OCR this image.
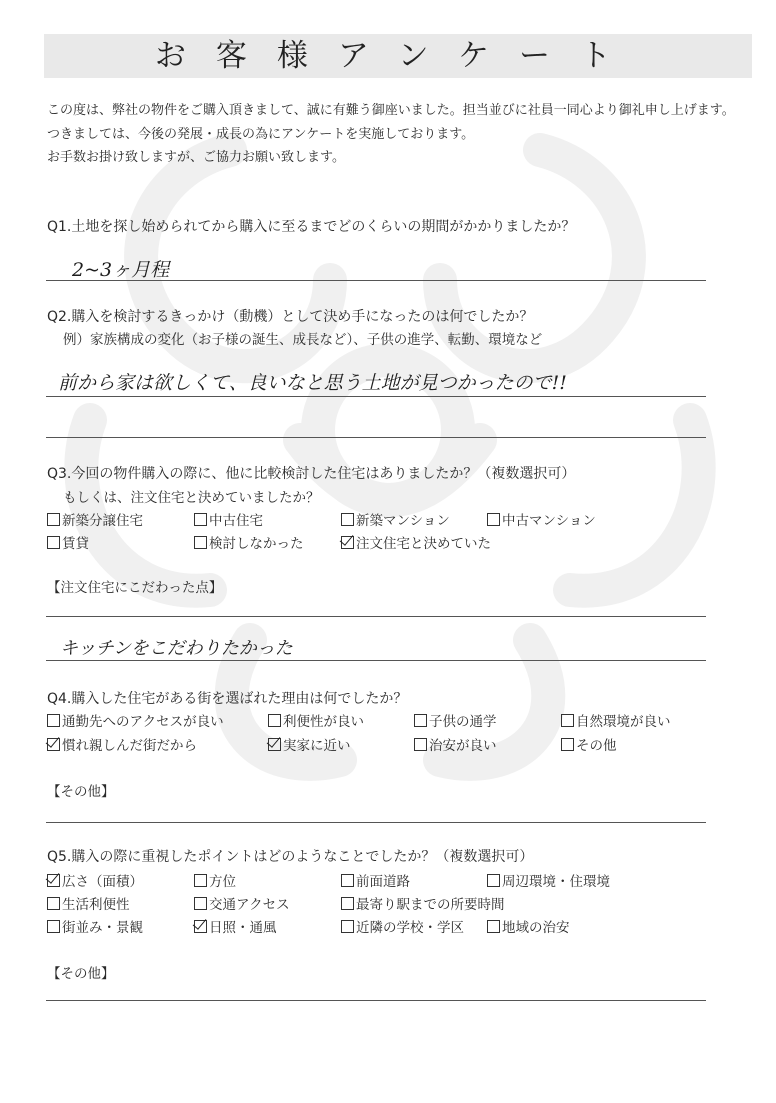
お客様アンケート
この度は、弊社の物件をご購入頂きまして、誠に有難う御座いました。担当並びに社員一同心より御礼申し上げます。
つきましては、今後の発展・成長の為にアンケートを実施しております。
お手数お掛け致しますが、ご協力お願い致します。
Q1.土地を探し始められてから購入に至るまでどのくらいの期間がかかりましたか？
2~3ヶ月程
Q2.購入を検討するきっかけ（動機）として決め手になったのは何でしたか？
例）家族構成の変化（お子様の誕生、成長など）、子供の進学、転勤、環境など
前から家は欲しくて、良いなと思う土地が見つかったので!!
Q3.今回の物件購入の際に、他に比較検討した住宅はありましたか？（複数選択可）
もしくは、注文住宅と決めていましたか？
新築分譲住宅	中古住宅	新築マンション	中古マンション
賃貸	検討しなかった	注文住宅と決めていた
【注文住宅にこだわった点】
キッチンをこだわりたかった
Q4.購入した住宅がある街を選ばれた理由は何でしたか？
通勤先へのアクセスが良い	利便性が良い	子供の通学	自然環境が良い
慣れ親しんだ街だから	実家に近い	治安が良い	その他
【その他】
Q5.購入の際に重視したポイントはどのようなことでしたか？（複数選択可）
広さ（面積）	方位	前面道路	周辺環境・住環境
生活利便性	交通アクセス	最寄り駅までの所要時間
街並み・景観	日照・通風	近隣の学校・学区	地域の治安
【その他】
